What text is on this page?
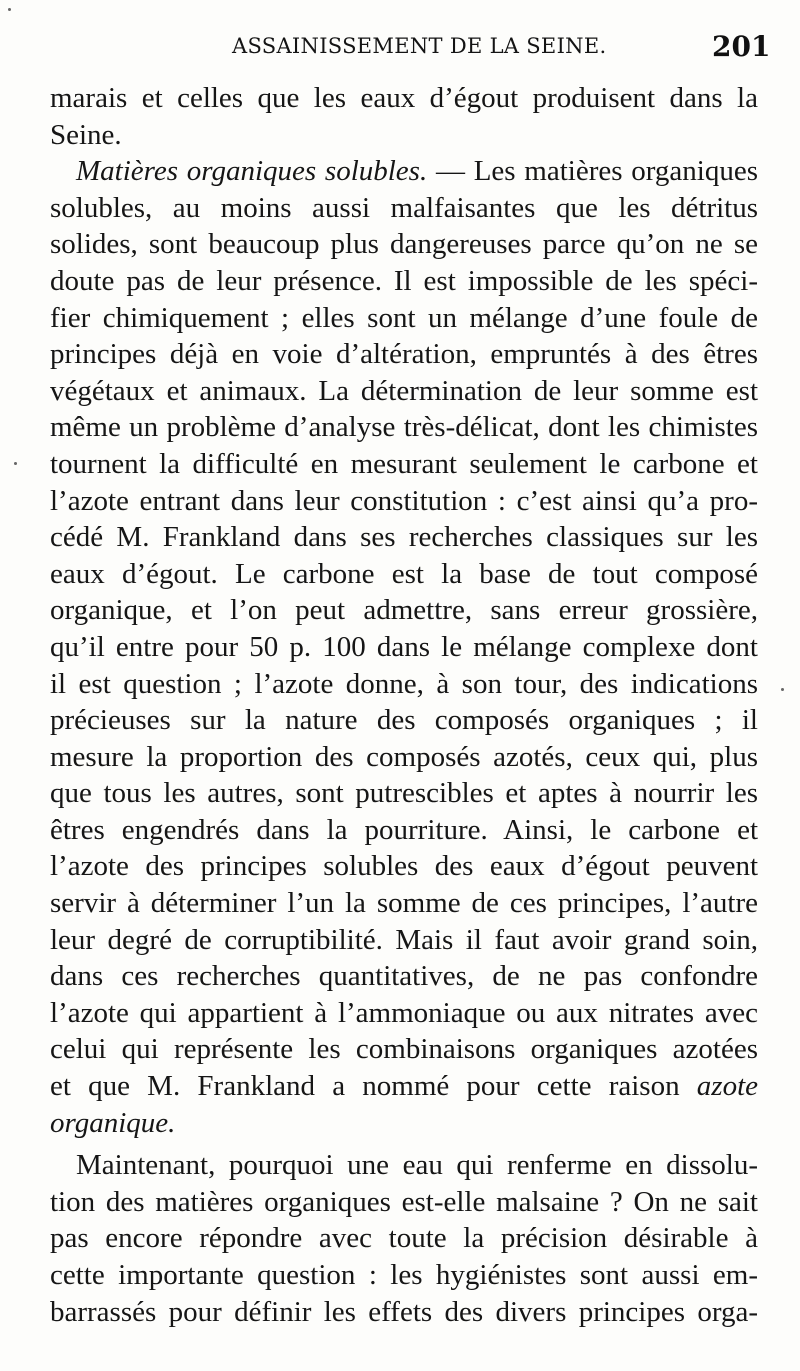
ASSAINISSEMENT DE LA SEINE.	201
marais et celles que les eaux d’égout produisent dans la
Seine.
Matières organiques solubles. — Les matières organiques
solubles, au moins aussi malfaisantes que les détritus
solides, sont beaucoup plus dangereuses parce qu’on ne se
doute pas de leur présence. Il est impossible de les spéci-
fier chimiquement ; elles sont un mélange d’une foule de
principes déjà en voie d’altération, empruntés à des êtres
végétaux et animaux. La détermination de leur somme est
même un problème d’analyse très-délicat, dont les chimistes
tournent la difficulté en mesurant seulement le carbone et
l’azote entrant dans leur constitution : c’est ainsi qu’a pro-
cédé M. Frankland dans ses recherches classiques sur les
eaux d’égout. Le carbone est la base de tout composé
organique, et l’on peut admettre, sans erreur grossière,
qu’il entre pour 50 p. 100 dans le mélange complexe dont
il est question ; l’azote donne, à son tour, des indications
précieuses sur la nature des composés organiques ; il
mesure la proportion des composés azotés, ceux qui, plus
que tous les autres, sont putrescibles et aptes à nourrir les
êtres engendrés dans la pourriture. Ainsi, le carbone et
l’azote des principes solubles des eaux d’égout peuvent
servir à déterminer l’un la somme de ces principes, l’autre
leur degré de corruptibilité. Mais il faut avoir grand soin,
dans ces recherches quantitatives, de ne pas confondre
l’azote qui appartient à l’ammoniaque ou aux nitrates avec
celui qui représente les combinaisons organiques azotées
et que M. Frankland a nommé pour cette raison azote
organique.
Maintenant, pourquoi une eau qui renferme en dissolu-
tion des matières organiques est-elle malsaine ? On ne sait
pas encore répondre avec toute la précision désirable à
cette importante question : les hygiénistes sont aussi em-
barrassés pour définir les effets des divers principes orga-
